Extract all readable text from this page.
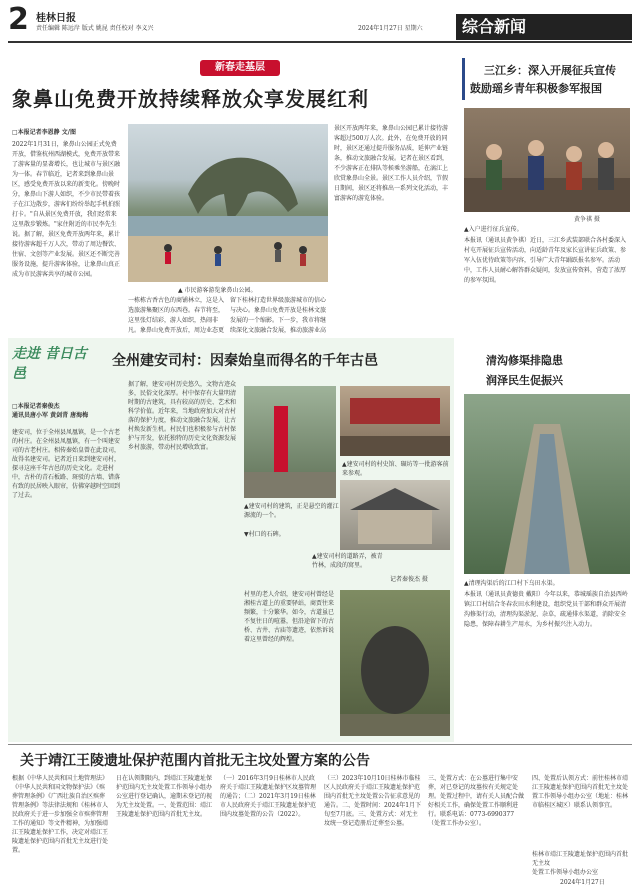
2 桂林日报
责任编辑 陈远岸 版式 姚昆 责任校对 李义兴	2024年1月27日 星期六	综合新闻
新春走基层
象鼻山免费开放持续释放众享发展红利
□本报记者李恩静 文/图
2022年1月31日，象鼻山公园正式免费开放，借鉴杭州西湖模式，免费开放带来了游客量的显著增长，也让城市与景区融为一体。春节临近，记者来到象鼻山景区，感受免费开放以来的新变化。傍晚时分，象鼻山下游人如织，不少市民带着孩子在江边散步，游客们纷纷举起手机拍照打卡。"自从景区免费开放，我们经常来这里散步锻炼。"家住附近的市民李先生说。据了解，景区免费开放两年来，累计接待游客超千万人次，带动了周边餐饮、住宿、文创等产业发展。景区还不断完善服务设施，提升游客体验，让象鼻山真正成为市民游客共享的城市公园。
▲ 市民游客游览象鼻山公园。
景区开放两年来，象鼻山公园已累计接待游客超过500万人次。此外，在免费开放的同时，景区还通过提升服务品质，延伸产业链条，推动文旅融合发展。记者在景区看到，不少游客正在排队等候乘坐游船，在漓江上欣赏象鼻山全景。景区工作人员介绍，节假日期间，景区还将推出一系列文化活动，丰富游客的游览体验。
一栋栋古香古色的商铺林立，这是入选旅游集聚区的东西巷。春节将至，这里张灯结彩，游人如织，热闹非凡。象鼻山免费开放后，周边业态更
留下桂林打造世界级旅游城市的信心与决心。象鼻山免费开放是桂林文旅发展的一个缩影。下一步，我市将继续深化文旅融合发展，推动旅游业高
三江乡：深入开展征兵宣传
鼓励瑶乡青年积极参军报国
黄争祺 摄
▲入户进行征兵宣传。
本报讯（通讯员黄争祺）近日，三江乡武装部联合各村委深入村屯开展征兵宣传活动，向适龄青年及家长宣讲征兵政策、参军入伍优待政策等内容，引导广大青年踊跃报名参军。活动中，工作人员耐心解答群众疑问，发放宣传资料，营造了浓厚的参军氛围。
走进 昔日古邑
全州建安司村：因秦始皇而得名的千年古邑
□本报记者秦俊杰
通讯员唐小军 黄剑青 唐海梅
建安司，位于全州县凤凰镇，是一个古老的村庄。在全州县凤凰镇，有一个叫建安司的古老村庄。相传秦始皇曾在此设司，故得名建安司。记者近日来到建安司村，探寻这座千年古邑的历史文化。走进村中，古朴的青石板路、斑驳的古墙、错落有致的民居映入眼帘，仿佛穿越时空回到了过去。
据了解，建安司村历史悠久，文物古迹众多，民俗文化深厚。村中保存有大量明清时期的古建筑，具有较高的历史、艺术和科学价值。近年来，当地政府加大对古村落的保护力度，推动文旅融合发展，让古村焕发新生机。村民们也积极参与古村保护与开发，依托独特的历史文化资源发展乡村旅游，带动村民增收致富。
▲建安司村的村史馆、碾坊等一批游客前来参观。
▲建安司村的建筑，正是悬空的灌江源流的一个。
▼村口的石碑。
▲建安司村的道路弄，被青竹林，成段的窝里。
记者秦俊杰 摄
村里的老人介绍，建安司村曾经是湘桂古道上的重要驿站，商贾往来频繁，十分繁华。如今，古道虽已不复往日的喧嚣，但沿途留下的古桥、古井、古庙等遗迹，依然诉说着这里曾经的辉煌。
清沟修渠排隐患
润泽民生促振兴
▲清理沟渠后的江口村下乌田水渠。
本报讯（通讯员黄德贵 戴阳）今年以来，恭城瑶族自治县西岭镇江口村结合冬春农田水利建设，组织党员干部和群众开展清沟修渠行动，清理沟渠淤泥、杂草，疏通排水渠道，消除安全隐患，保障春耕生产用水，为乡村振兴注入动力。
关于靖江王陵遗址保护范围内首批无主坟处置方案的公告
根据《中华人民共和国土地管理法》《中华人民共和国文物保护法》《殡葬管理条例》《广西壮族自治区殡葬管理条例》等法律法规和《桂林市人民政府关于进一步加强全市殡葬管理工作的通知》等文件精神，为加强靖江王陵遗址保护工作，决定对靖江王陵遗址保护范围内首批无主坟进行处置。
日在认领期限内，到靖江王陵遗址保护范围内无主坟处置工作领导小组办公室进行登记确认，逾期未登记的视为无主坟处置。一、处置范围：靖江王陵遗址保护范围内首批无主坟。
（一）2016年3月9日桂林市人民政府关于靖江王陵遗址保护区坟墓管理的通告；（二）2021年3月19日桂林市人民政府关于靖江王陵遗址保护范围内坟墓处置的公告（2022）。
（三）2023年10月10日桂林市临桂区人民政府关于靖江王陵遗址保护范围内首批无主坟处置公告征求意见的通告。二、处置时间：2024年1月下旬至7月底。三、处置方式：对无主坟统一登记造册后迁葬至公墓。
三、处置方式：在公墓进行集中安葬，对已登记的坟墓按有关规定处理。处置过程中，请有关人员配合做好相关工作，确保处置工作顺利进行。联系电话：0773-6990377（处置工作办公室）。
四、处置后认领方式：前往桂林市靖江王陵遗址保护范围内首批无主坟处置工作领导小组办公室（地址：桂林市临桂区城区）联系认领事宜。
桂林市靖江王陵遗址保护范围内首批无主坟
处置工作领导小组办公室
2024年1月27日
